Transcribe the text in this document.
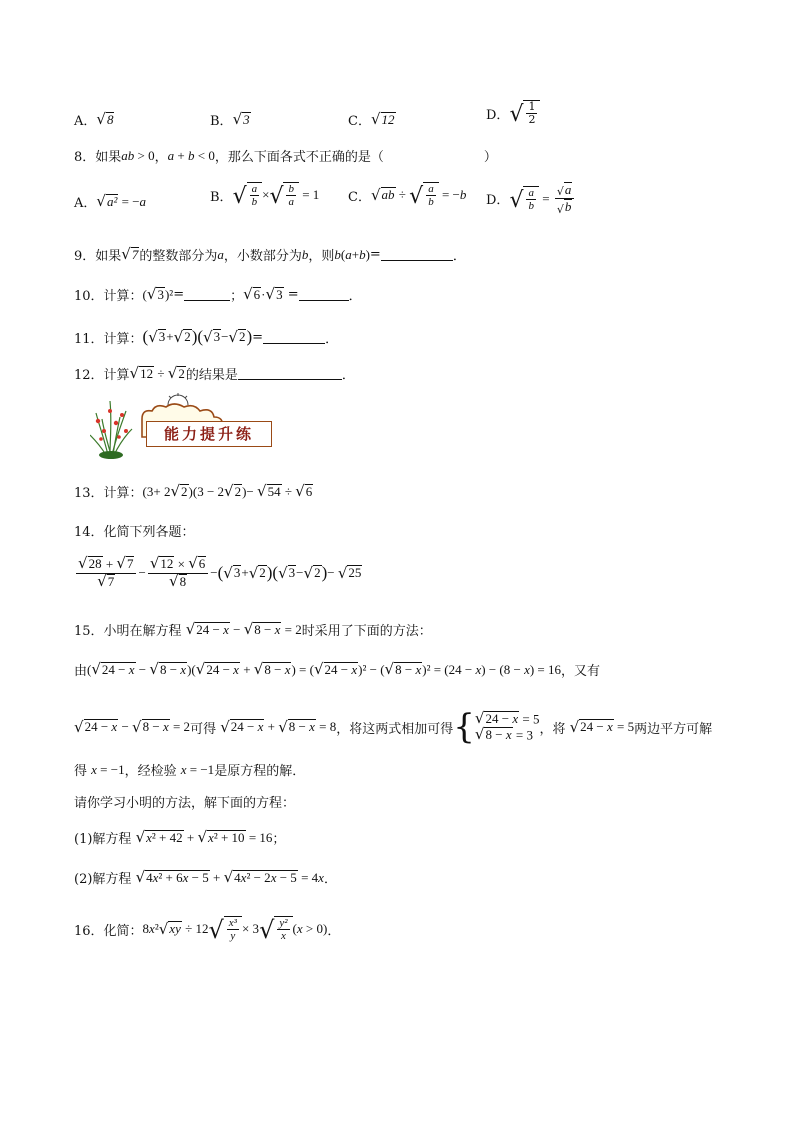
A． √ 8	B． √ 3	C． √ 12	D． √ $\frac{1}{2}$
8．如果 ab > 0 ， a + b < 0 ，那么下面各式不正确的是（	）
A． √ a² = − a	B． √ $\frac{a}{b}$ × √ $\frac{b}{a} = 1$ C． √ ab ÷ √ $\frac{a}{b}$ = − b D． √ $\frac{a}{b} = \frac{√ a}{√ b}$
9．如果 √ 7 的整数部分为 a ，小数部分为 b ，则 b ( a + b ) =	．
10．计算： ( √ 3 )² =	； √ 6 · √ 3 =	．
11．计算： ( √ 3 + √ 2 )( √ 3 − √ 2 ) =	．
12．计算 √ 12 ÷ √ 2 的结果是	．
能力提升练
13．计算： (3+ 2 √ 2 )(3 − 2 √ 2 )− √ 54 ÷ √ 6
14．化简下列各题：
$\frac{√ 28 + √ 7}{√ 7} - \frac{√ 12 \times √ 6}{√ 8}$ − ( √ 3 + √ 2 )( √ 3 − √ 2 ) − √ 25
15．小明在解方程 √ 24 − x − √ 8 − x = 2 时采用了下面的方法：
由 ( √ 24 − x − √ 8 − x )( √ 24 − x + √ 8 − x ) = ( √ 24 − x )² − ( √ 8 − x )² = (24 − x) − (8 − x) = 16 ，又有
√ 24 − x − √ 8 − x = 2 可得 √ 24 − x + √ 8 − x = 8 ，将这两式相加可得 { √ 24 − x = 5
√ 8 − x = 3 ，将 √ 24 − x = 5 两边平方可解
得 x = −1 ，经检验 x = −1 是原方程的解．
请你学习小明的方法，解下面的方程：
(1)解方程 √ x² + 42 + √ x² + 10 = 16 ；
(2)解方程 √ 4x² + 6x − 5 + √ 4x² − 2x − 5 = 4 x ．
16．化简： 8 x ² √ xy ÷ 12 √ $\frac{\text{x³}}{y} \times 3$ √ $\frac{\text{y²}}{x}$ ( x > 0) ．
